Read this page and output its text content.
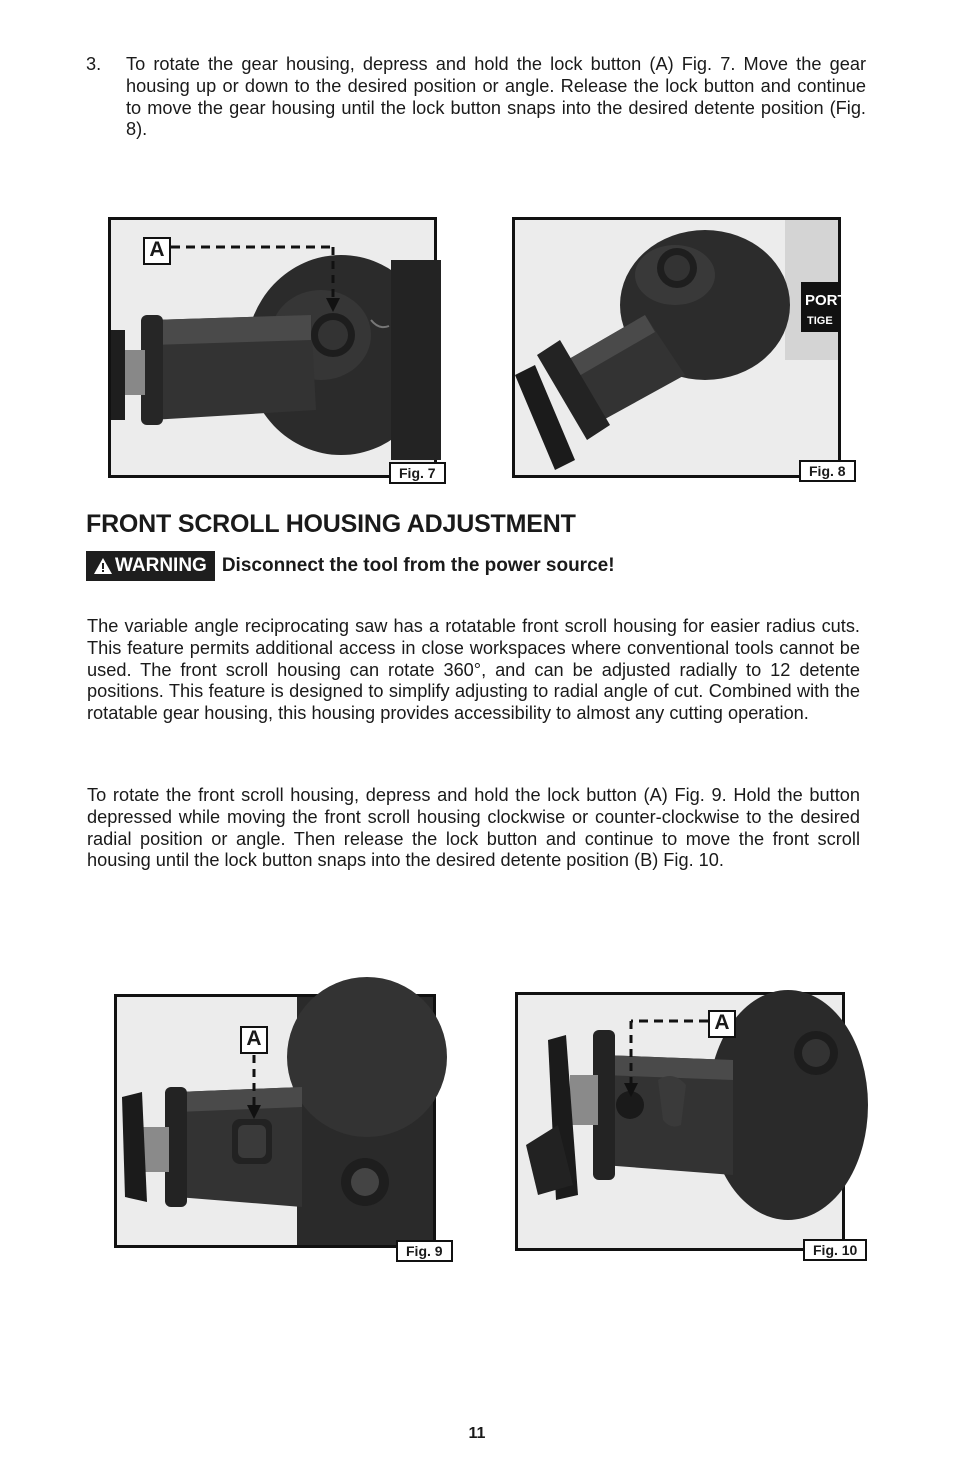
3. To rotate the gear housing, depress and hold the lock button (A) Fig. 7. Move the gear housing up or down to the desired position or angle. Release the lock button and continue to move the gear housing until the lock button snaps into the desired detente position (Fig. 8).
A
Fig. 7
PORT
TIGE
Fig. 8
FRONT SCROLL HOUSING ADJUSTMENT
WARNING Disconnect the tool from the power source!
The variable angle reciprocating saw has a rotatable front scroll housing for easier radius cuts. This feature permits additional access in close workspaces where conventional tools cannot be used. The front scroll housing can rotate 360°, and can be adjusted radially to 12 detente positions. This feature is designed to simplify adjusting to radial angle of cut. Combined with the rotatable gear housing, this housing provides accessibility to almost any cutting operation.
To rotate the front scroll housing, depress and hold the lock button (A) Fig. 9. Hold the button depressed while moving the front scroll housing clockwise or counter-clockwise to the desired radial position or angle. Then release the lock button and continue to move the front scroll housing until the lock button snaps into the desired detente position (B) Fig. 10.
A
Fig. 9
A
Fig. 10
11
